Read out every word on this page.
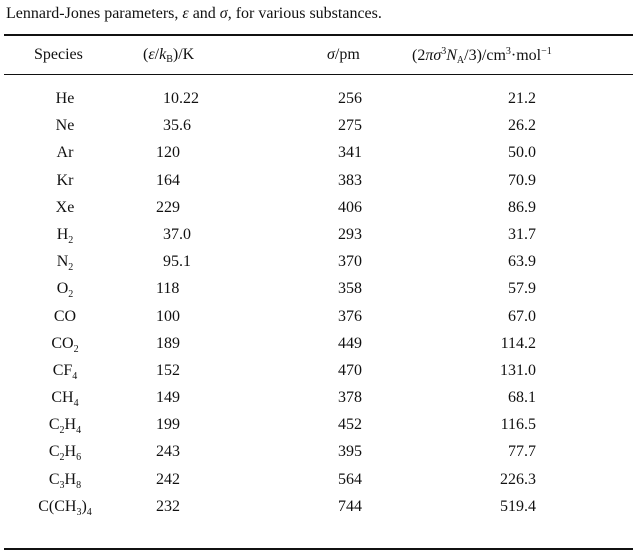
Lennard-Jones parameters, ε and σ, for various substances.
Species	$(\varepsilon/k_B)/K$	σ/pm	$(2\pi\sigma^3N_A/3)/cm^3\cdot mol^{-1}$
He	10.22	256	21.2
Ne	35.6	275	26.2
Ar	120	341	50.0
Kr	164	383	70.9
Xe	229	406	86.9
$H_2$	37.0	293	31.7
$N_2$	95.1	370	63.9
$O_2$	118	358	57.9
CO	100	376	67.0
$CO_2$	189	449	114.2
$CF_4$	152	470	131.0
$CH_4$	149	378	68.1
$C_2H_4$	199	452	116.5
$C_2H_6$	243	395	77.7
$C_3H_8$	242	564	226.3
$C(CH_3)_4$	232	744	519.4
